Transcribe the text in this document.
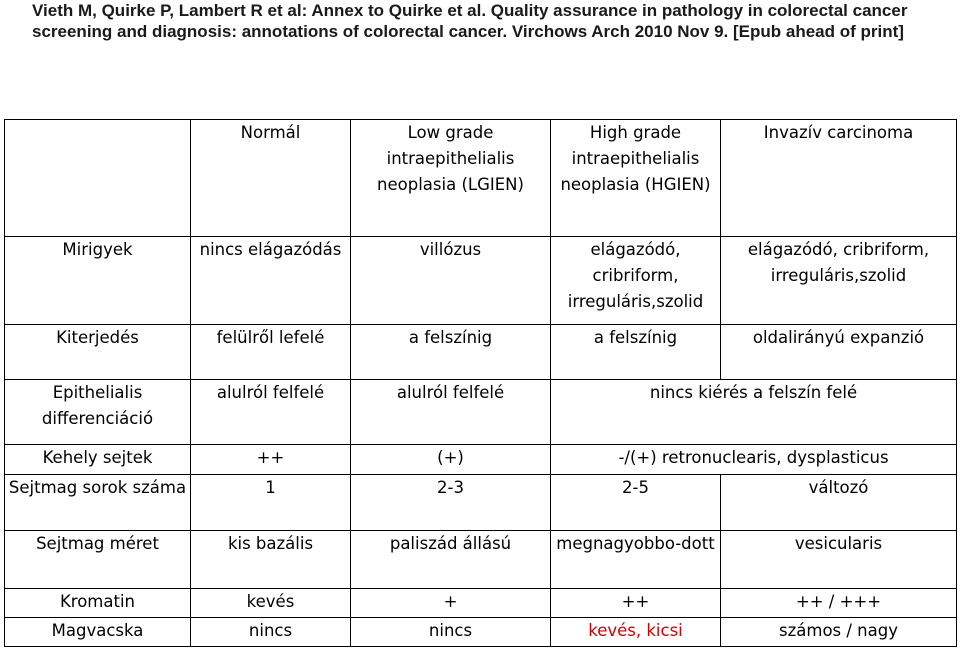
Vieth M, Quirke P, Lambert R et al: Annex to Quirke et al. Quality assurance in pathology in colorectal cancer
screening and diagnosis: annotations of colorectal cancer. Virchows Arch 2010 Nov 9. [Epub ahead of print]
	Normál	Low grade intraepithelialis neoplasia (LGIEN)	High grade intraepithelialis neoplasia (HGIEN)	Invazív carcinoma
Mirigyek	nincs elágazódás	villózus	elágazódó, cribriform, irreguláris,szolid	elágazódó, cribriform, irreguláris,szolid
Kiterjedés	felülről lefelé	a felszínig	a felszínig	oldalirányú expanzió
Epithelialis differenciáció	alulról felfelé	alulról felfelé	nincs kiérés a felszín felé	
Kehely sejtek	++	(+)	-/(+) retronuclearis, dysplasticus	
Sejtmag sorok száma	1	2-3	2-5	változó
Sejtmag méret	kis bazális	paliszád állású	megnagyobbo-dott	vesicularis
Kromatin	kevés	+	++	++ / +++
Magvacska	nincs	nincs	kevés, kicsi	számos / nagy
